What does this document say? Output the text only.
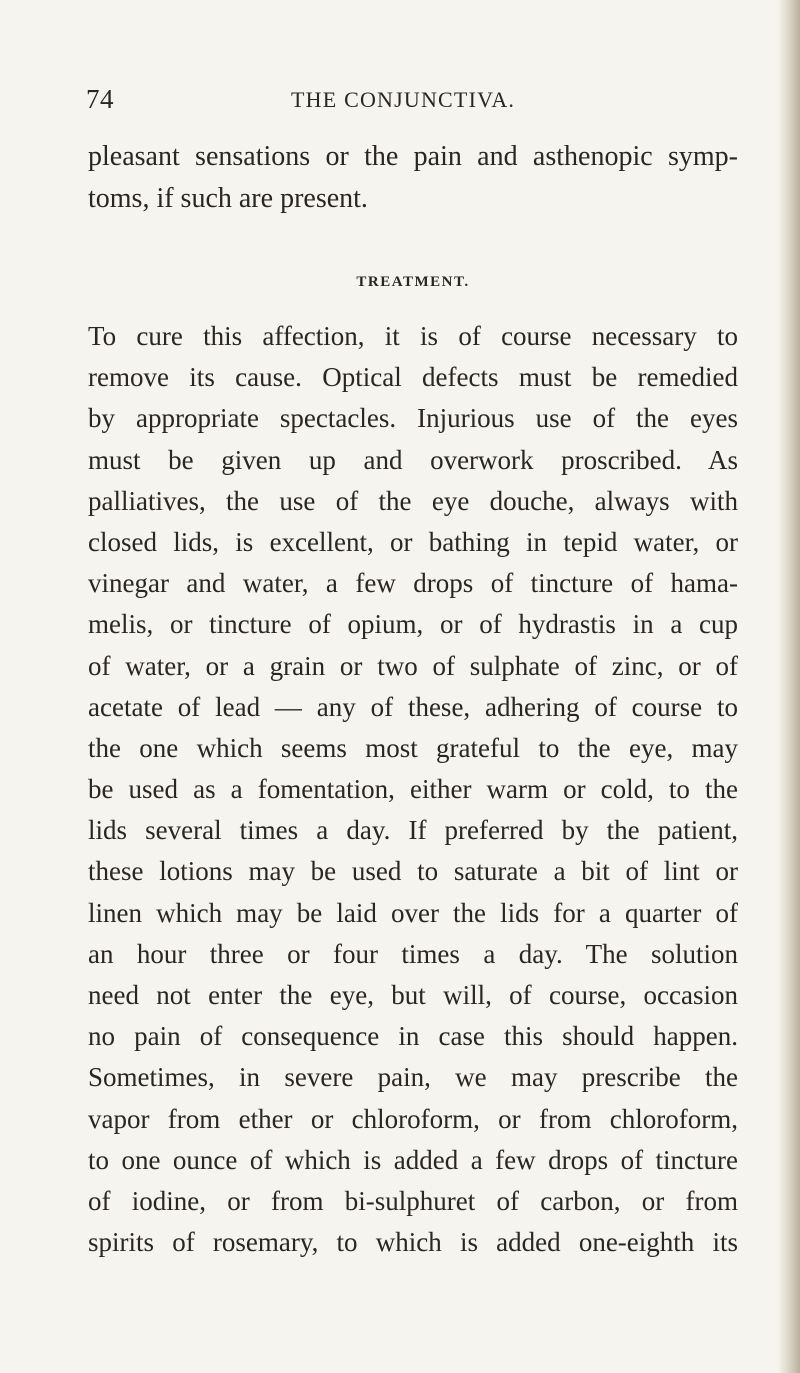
74	THE CONJUNCTIVA.
pleasant sensations or the pain and asthenopic symp-
toms, if such are present.
TREATMENT.
To cure this affection, it is of course necessary to
remove its cause. Optical defects must be remedied
by appropriate spectacles. Injurious use of the eyes
must be given up and overwork proscribed. As
palliatives, the use of the eye douche, always with
closed lids, is excellent, or bathing in tepid water, or
vinegar and water, a few drops of tincture of hama-
melis, or tincture of opium, or of hydrastis in a cup
of water, or a grain or two of sulphate of zinc, or of
acetate of lead — any of these, adhering of course to
the one which seems most grateful to the eye, may
be used as a fomentation, either warm or cold, to the
lids several times a day. If preferred by the patient,
these lotions may be used to saturate a bit of lint or
linen which may be laid over the lids for a quarter of
an hour three or four times a day. The solution
need not enter the eye, but will, of course, occasion
no pain of consequence in case this should happen.
Sometimes, in severe pain, we may prescribe the
vapor from ether or chloroform, or from chloroform,
to one ounce of which is added a few drops of tincture
of iodine, or from bi-sulphuret of carbon, or from
spirits of rosemary, to which is added one-eighth its
